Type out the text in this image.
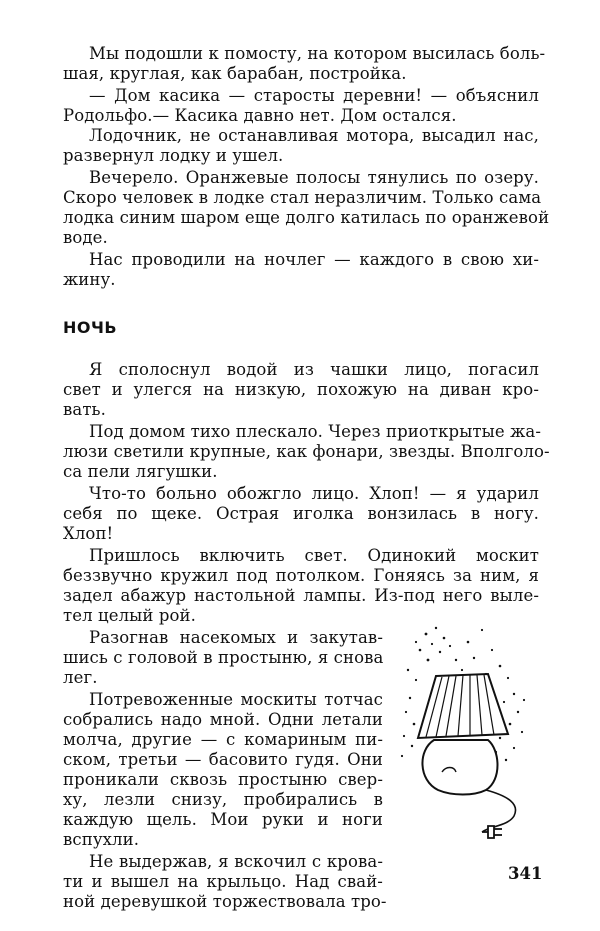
Мы подошли к помосту, на котором высилась боль-
шая, круглая, как барабан, постройка.
— Дом касика — старосты деревни! — объяснил
Родольфо.— Касика давно нет. Дом остался.
Лодочник, не останавливая мотора, высадил нас,
развернул лодку и ушел.
Вечерело. Оранжевые полосы тянулись по озеру.
Скоро человек в лодке стал неразличим. Только сама
лодка синим шаром еще долго катилась по оранжевой
воде.
Нас проводили на ночлег — каждого в свою хи-
жину.
НОЧЬ
Я сполоснул водой из чашки лицо, погасил
свет и улегся на низкую, похожую на диван кро-
вать.
Под домом тихо плескало. Через приоткрытые жа-
люзи светили крупные, как фонари, звезды. Вполголо-
са пели лягушки.
Что-то больно обожгло лицо. Хлоп! — я ударил
себя по щеке. Острая иголка вонзилась в ногу.
Хлоп!
Пришлось включить свет. Одинокий москит
беззвучно кружил под потолком. Гоняясь за ним, я
задел абажур настольной лампы. Из-под него выле-
тел целый рой.
Разогнав насекомых и закутав-
шись с головой в простыню, я снова
лег.
Потревоженные москиты тотчас
собрались надо мной. Одни летали
молча, другие — с комариным пи-
ском, третьи — басовито гудя. Они
проникали сквозь простыню свер-
ху, лезли снизу, пробирались в
каждую щель. Мои руки и ноги
вспухли.
Не выдержав, я вскочил с крова-
ти и вышел на крыльцо. Над свай-
ной деревушкой торжествовала тро-
341
